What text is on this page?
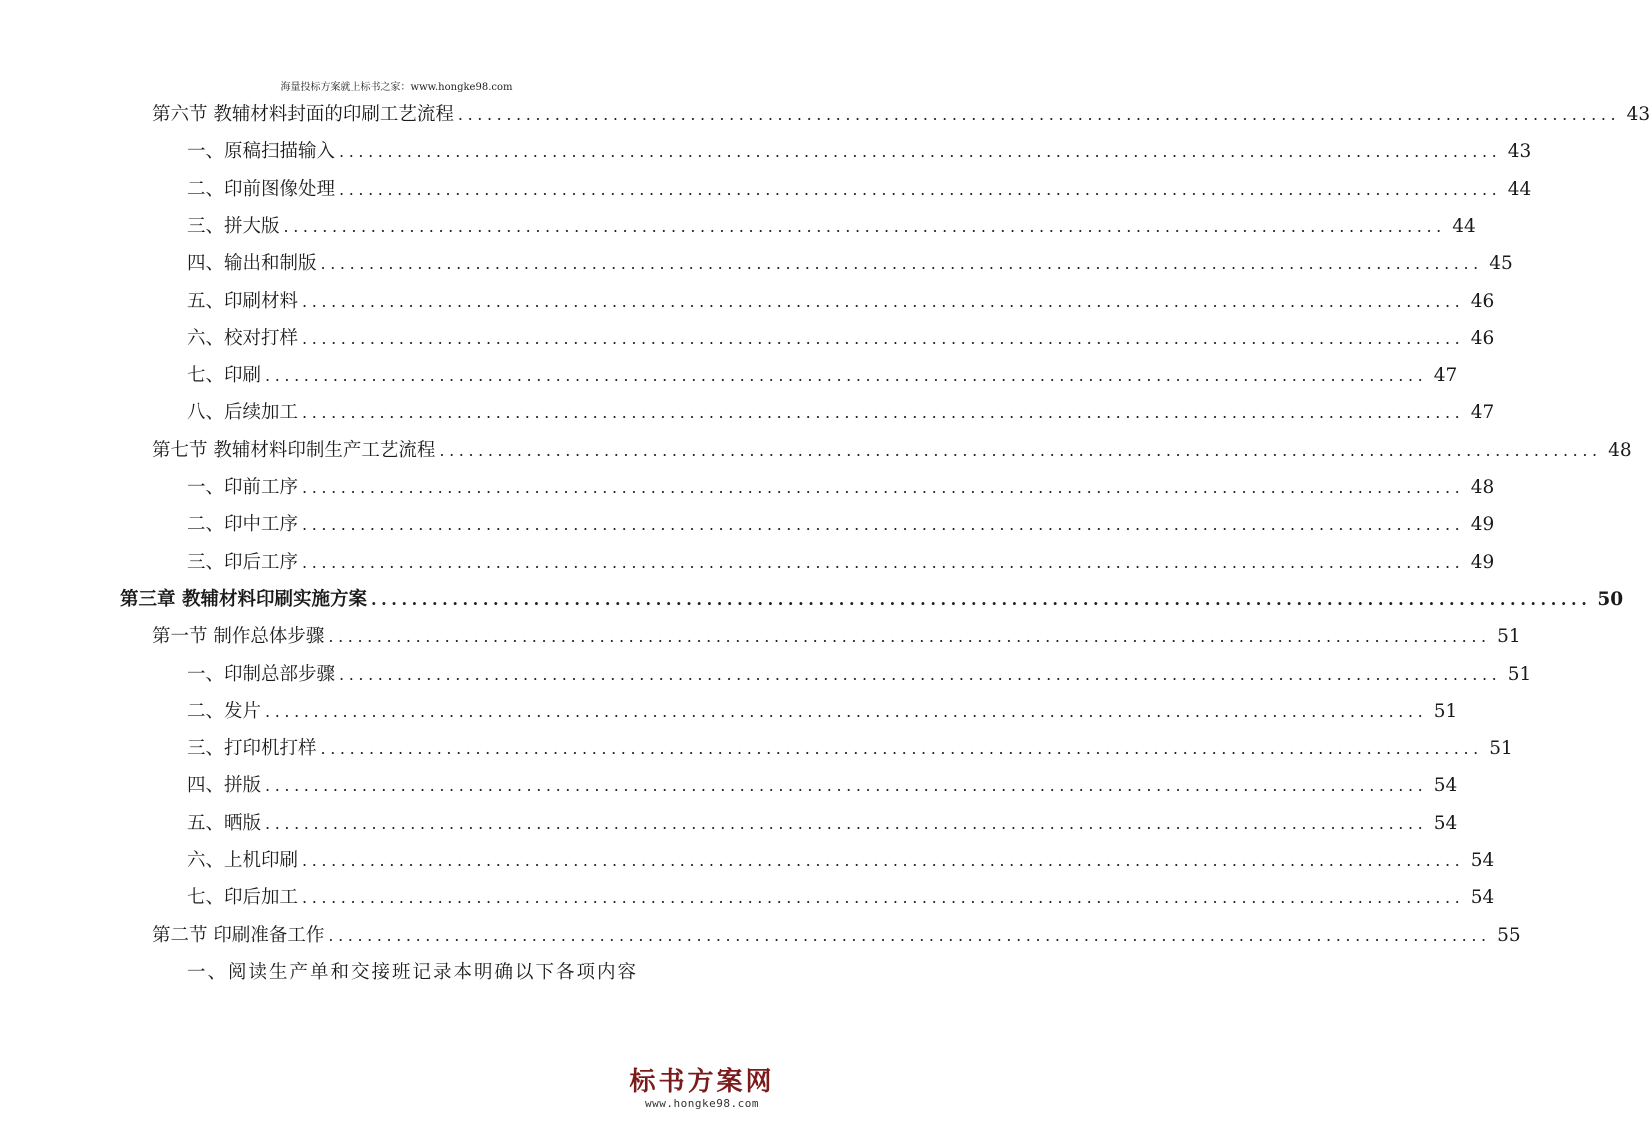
海量投标方案就上标书之家：www.hongke98.com
第六节 教辅材料封面的印刷工艺流程 ........................................................................................................................ 43
一、原稿扫描输入 ........................................................................................................................ 43
二、印前图像处理 ........................................................................................................................ 44
三、拼大版 ........................................................................................................................ 44
四、输出和制版 ........................................................................................................................ 45
五、印刷材料 ........................................................................................................................ 46
六、校对打样 ........................................................................................................................ 46
七、印刷 ........................................................................................................................ 47
八、后续加工 ........................................................................................................................ 47
第七节 教辅材料印制生产工艺流程 ........................................................................................................................ 48
一、印前工序 ........................................................................................................................ 48
二、印中工序 ........................................................................................................................ 49
三、印后工序 ........................................................................................................................ 49
第三章 教辅材料印刷实施方案 ........................................................................................................................ 50
第一节 制作总体步骤 ........................................................................................................................ 51
一、印制总部步骤 ........................................................................................................................ 51
二、发片 ........................................................................................................................ 51
三、打印机打样 ........................................................................................................................ 51
四、拼版 ........................................................................................................................ 54
五、晒版 ........................................................................................................................ 54
六、上机印刷 ........................................................................................................................ 54
七、印后加工 ........................................................................................................................ 54
第二节 印刷准备工作 ........................................................................................................................ 55
一、阅读生产单和交接班记录本明确以下各项内容
标书方案网
www.hongke98.com
